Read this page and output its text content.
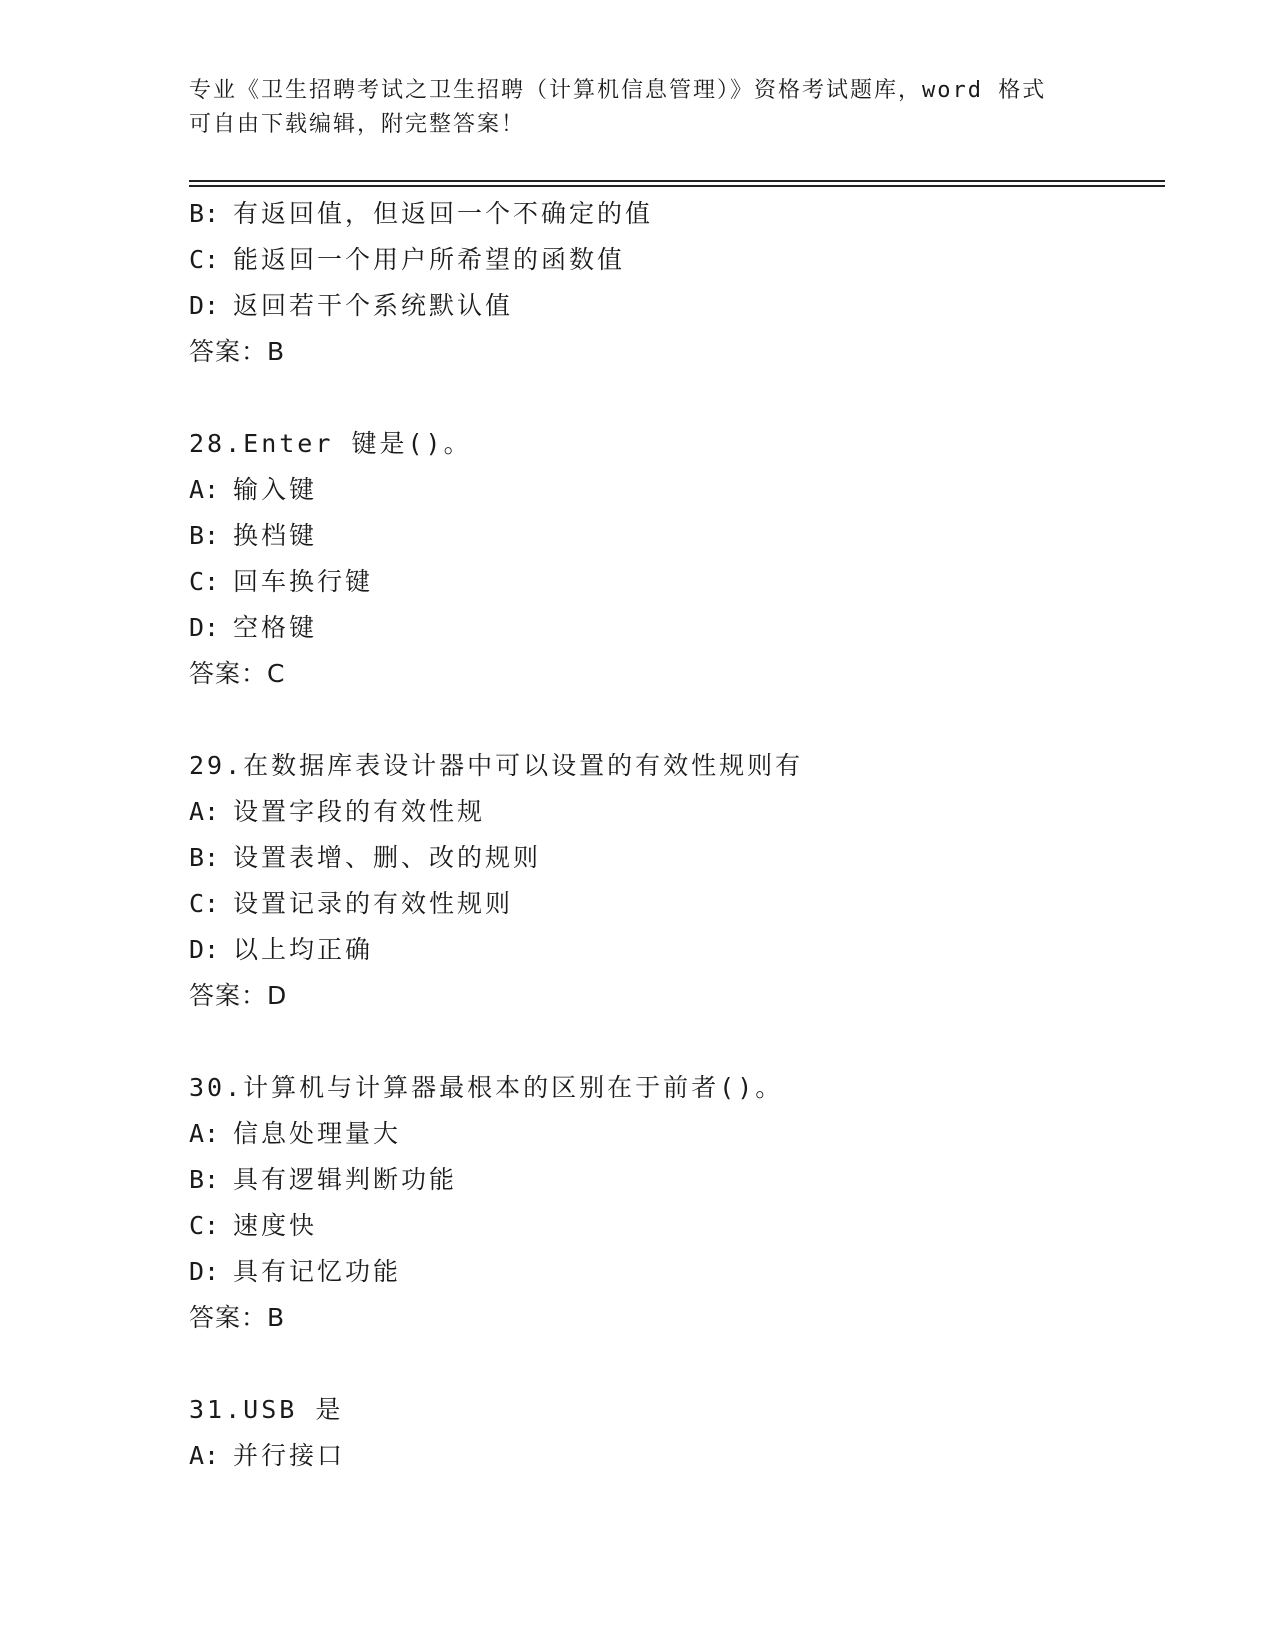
专业《卫生招聘考试之卫生招聘（计算机信息管理）》资格考试题库，word 格式
可自由下载编辑，附完整答案！
B: 有返回值，但返回一个不确定的值
C: 能返回一个用户所希望的函数值
D: 返回若干个系统默认值
答案：B
28.Enter 键是()。
A: 输入键
B: 换档键
C: 回车换行键
D: 空格键
答案：C
29.在数据库表设计器中可以设置的有效性规则有
A: 设置字段的有效性规
B: 设置表增、删、改的规则
C: 设置记录的有效性规则
D: 以上均正确
答案：D
30.计算机与计算器最根本的区别在于前者()。
A: 信息处理量大
B: 具有逻辑判断功能
C: 速度快
D: 具有记忆功能
答案：B
31.USB 是
A: 并行接口
